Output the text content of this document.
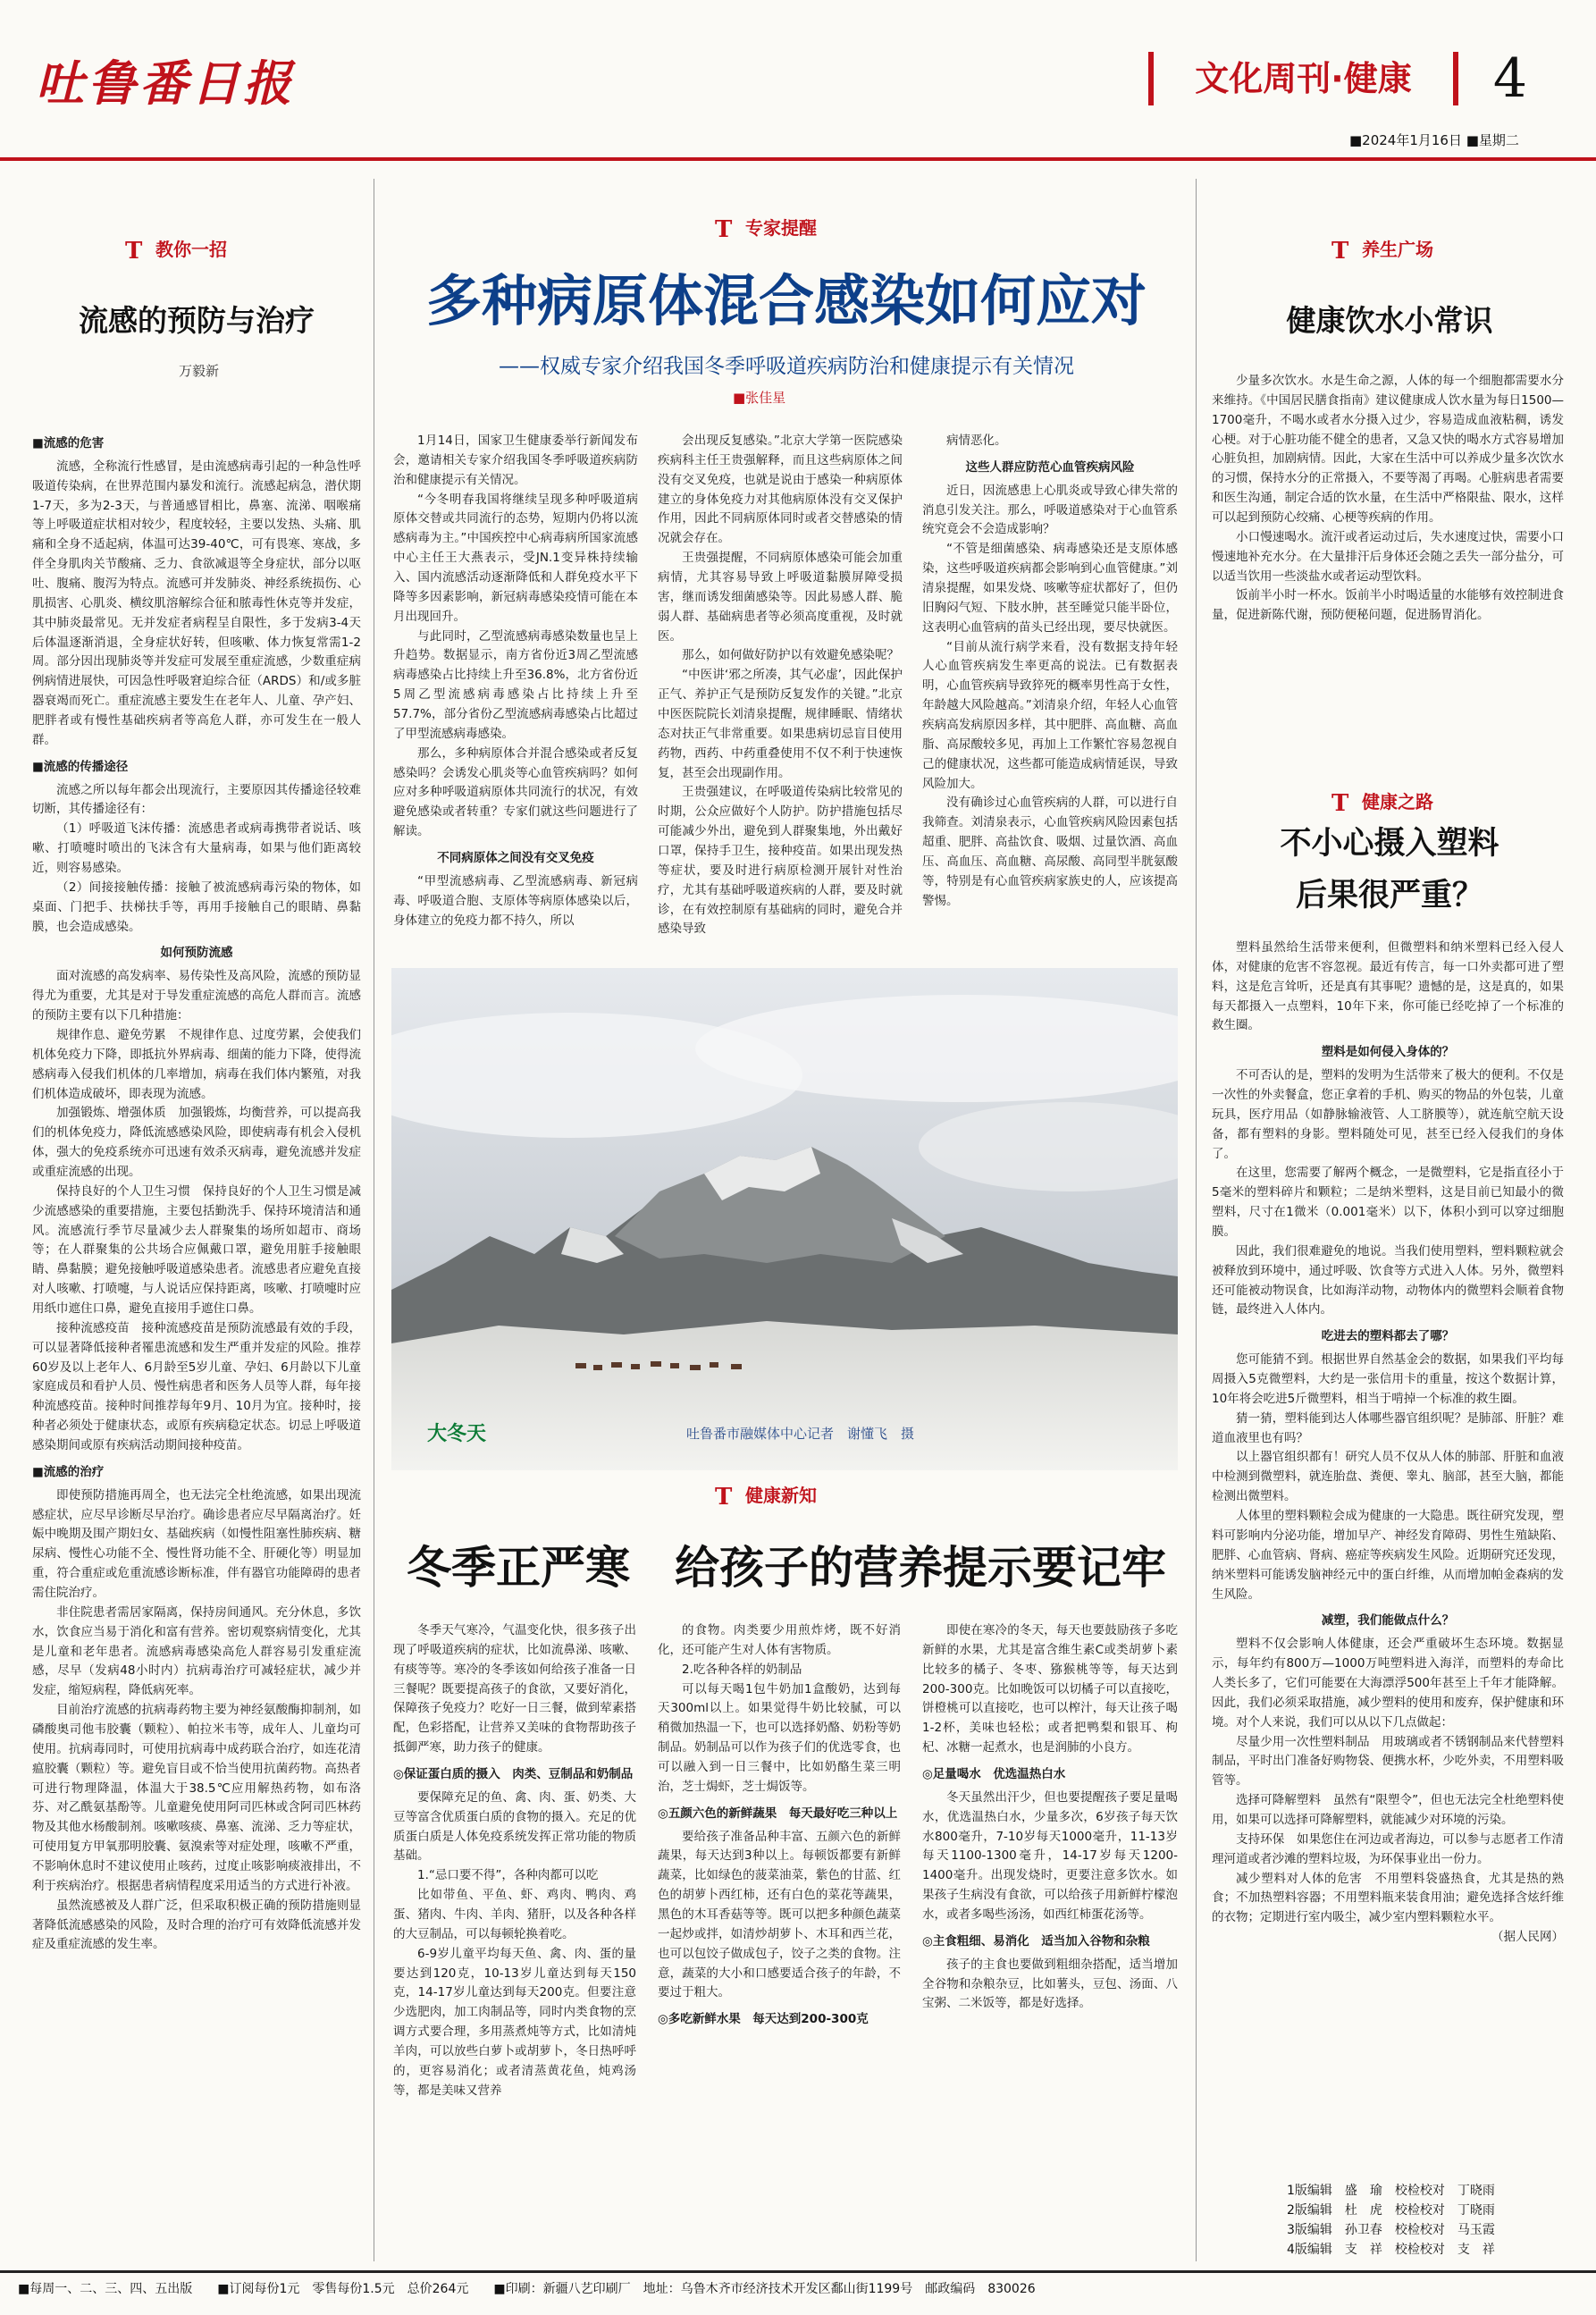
吐鲁番日报	文化周刊·健康	4
■2024年1月16日 ■星期二
T 教你一招
流感的预防与治疗
万毅新

■流感的危害

流感，全称流行性感冒，是由流感病毒引起的一种急性呼吸道传染病，在世界范围内暴发和流行。流感起病急，潜伏期1-7天，多为2-3天，与普通感冒相比，鼻塞、流涕、咽喉痛等上呼吸道症状相对较少，程度较轻，主要以发热、头痛、肌痛和全身不适起病，体温可达39-40℃，可有畏寒、寒战，多伴全身肌肉关节酸痛、乏力、食欲减退等全身症状，部分以呕吐、腹痛、腹泻为特点。流感可并发肺炎、神经系统损伤、心肌损害、心肌炎、横纹肌溶解综合征和脓毒性休克等并发症，其中肺炎最常见。无并发症者病程呈自限性，多于发病3-4天后体温逐渐消退，全身症状好转，但咳嗽、体力恢复常需1-2周。部分因出现肺炎等并发症可发展至重症流感，少数重症病例病情进展快，可因急性呼吸窘迫综合征（ARDS）和/或多脏器衰竭而死亡。重症流感主要发生在老年人、儿童、孕产妇、肥胖者或有慢性基础疾病者等高危人群，亦可发生在一般人群。

■流感的传播途径

流感之所以每年都会出现流行，主要原因其传播途径较难切断，其传播途径有：

（1）呼吸道飞沫传播：流感患者或病毒携带者说话、咳嗽、打喷嚏时喷出的飞沫含有大量病毒，如果与他们距离较近，则容易感染。

（2）间接接触传播：接触了被流感病毒污染的物体，如桌面、门把手、扶梯扶手等，再用手接触自己的眼睛、鼻黏膜，也会造成感染。

如何预防流感

面对流感的高发病率、易传染性及高风险，流感的预防显得尤为重要，尤其是对于导发重症流感的高危人群而言。流感的预防主要有以下几种措施：

规律作息、避免劳累　不规律作息、过度劳累，会使我们机体免疫力下降，即抵抗外界病毒、细菌的能力下降，使得流感病毒入侵我们机体的几率增加，病毒在我们体内繁殖，对我们机体造成破坏，即表现为流感。

加强锻炼、增强体质　加强锻炼，均衡营养，可以提高我们的机体免疫力，降低流感感染风险，即使病毒有机会入侵机体，强大的免疫系统亦可迅速有效杀灭病毒，避免流感并发症或重症流感的出现。

保持良好的个人卫生习惯　保持良好的个人卫生习惯是减少流感感染的重要措施，主要包括勤洗手、保持环境清洁和通风。流感流行季节尽量减少去人群聚集的场所如超市、商场等；在人群聚集的公共场合应佩戴口罩，避免用脏手接触眼睛、鼻黏膜；避免接触呼吸道感染患者。流感患者应避免直接对人咳嗽、打喷嚏，与人说话应保持距离，咳嗽、打喷嚏时应用纸巾遮住口鼻，避免直接用手遮住口鼻。

接种流感疫苗　接种流感疫苗是预防流感最有效的手段，可以显著降低接种者罹患流感和发生严重并发症的风险。推荐60岁及以上老年人、6月龄至5岁儿童、孕妇、6月龄以下儿童家庭成员和看护人员、慢性病患者和医务人员等人群，每年接种流感疫苗。接种时间推荐每年9月、10月为宜。接种时，接种者必须处于健康状态，或原有疾病稳定状态。切忌上呼吸道感染期间或原有疾病活动期间接种疫苗。

■流感的治疗

即使预防措施再周全，也无法完全杜绝流感，如果出现流感症状，应尽早诊断尽早治疗。确诊患者应尽早隔离治疗。妊娠中晚期及围产期妇女、基础疾病（如慢性阻塞性肺疾病、糖尿病、慢性心功能不全、慢性肾功能不全、肝硬化等）明显加重，符合重症或危重流感诊断标准，伴有器官功能障碍的患者需住院治疗。

非住院患者需居家隔离，保持房间通风。充分休息，多饮水，饮食应当易于消化和富有营养。密切观察病情变化，尤其是儿童和老年患者。流感病毒感染高危人群容易引发重症流感，尽早（发病48小时内）抗病毒治疗可减轻症状，减少并发症，缩短病程，降低病死率。

目前治疗流感的抗病毒药物主要为神经氨酸酶抑制剂，如磷酸奥司他韦胶囊（颗粒）、帕拉米韦等，成年人、儿童均可使用。抗病毒同时，可使用抗病毒中成药联合治疗，如连花清瘟胶囊（颗粒）等。避免盲目或不恰当使用抗菌药物。高热者可进行物理降温，体温大于38.5℃应用解热药物，如布洛芬、对乙酰氨基酚等。儿童避免使用阿司匹林或含阿司匹林药物及其他水杨酸制剂。咳嗽咳痰、鼻塞、流涕、乏力等症状，可使用复方甲氧那明胶囊、氨溴索等对症处理，咳嗽不严重，不影响休息时不建议使用止咳药，过度止咳影响痰液排出，不利于疾病治疗。根据患者病情程度采用适当的方式进行补液。

虽然流感被及人群广泛，但采取积极正确的预防措施则显著降低流感感染的风险，及时合理的治疗可有效降低流感并发症及重症流感的发生率。

T 专家提醒
多种病原体混合感染如何应对
——权威专家介绍我国冬季呼吸道疾病防治和健康提示有关情况
■张佳星

1月14日，国家卫生健康委举行新闻发布会，邀请相关专家介绍我国冬季呼吸道疾病防治和健康提示有关情况。

“今冬明春我国将继续呈现多种呼吸道病原体交替或共同流行的态势，短期内仍将以流感病毒为主。”中国疾控中心病毒病所国家流感中心主任王大燕表示，受JN.1变异株持续输入、国内流感活动逐渐降低和人群免疫水平下降等多因素影响，新冠病毒感染疫情可能在本月出现回升。

与此同时，乙型流感病毒感染数量也呈上升趋势。数据显示，南方省份近3周乙型流感病毒感染占比持续上升至36.8%，北方省份近5周乙型流感病毒感染占比持续上升至57.7%，部分省份乙型流感病毒感染占比超过了甲型流感病毒感染。

那么，多种病原体合并混合感染或者反复感染吗？会诱发心肌炎等心血管疾病吗？如何应对多种呼吸道病原体共同流行的状况，有效避免感染或者转重？专家们就这些问题进行了解读。

不同病原体之间没有交叉免疫

“甲型流感病毒、乙型流感病毒、新冠病毒、呼吸道合胞、支原体等病原体感染以后，身体建立的免疫力都不持久，所以

会出现反复感染。”北京大学第一医院感染疾病科主任王贵强解释，而且这些病原体之间没有交叉免疫，也就是说由于感染一种病原体建立的身体免疫力对其他病原体没有交叉保护作用，因此不同病原体同时或者交替感染的情况就会存在。

王贵强提醒，不同病原体感染可能会加重病情，尤其容易导致上呼吸道黏膜屏障受损害，继而诱发细菌感染等。因此易感人群、脆弱人群、基础病患者等必须高度重视，及时就医。

那么，如何做好防护以有效避免感染呢？

“中医讲‘邪之所凑，其气必虚’，因此保护正气、养护正气是预防反复发作的关键。”北京中医医院院长刘清泉提醒，规律睡眠、情绪状态对扶正气非常重要。如果患病切忌盲目使用药物，西药、中药重叠使用不仅不利于快速恢复，甚至会出现副作用。

王贵强建议，在呼吸道传染病比较常见的时期，公众应做好个人防护。防护措施包括尽可能减少外出，避免到人群聚集地，外出戴好口罩，保持手卫生，接种疫苗。如果出现发热等症状，要及时进行病原检测开展针对性治疗，尤其有基础呼吸道疾病的人群，要及时就诊，在有效控制原有基础病的同时，避免合并感染导致

病情恶化。

这些人群应防范心血管疾病风险

近日，因流感患上心肌炎或导致心律失常的消息引发关注。那么，呼吸道感染对于心血管系统究竟会不会造成影响？

“不管是细菌感染、病毒感染还是支原体感染，这些呼吸道疾病都会影响到心血管健康。”刘清泉提醒，如果发烧、咳嗽等症状都好了，但仍旧胸闷气短、下肢水肿，甚至睡觉只能半卧位，这表明心血管病的苗头已经出现，要尽快就医。

“目前从流行病学来看，没有数据支持年轻人心血管疾病发生率更高的说法。已有数据表明，心血管疾病导致猝死的概率男性高于女性，年龄越大风险越高。”刘清泉介绍，年轻人心血管疾病高发病原因多样，其中肥胖、高血糖、高血脂、高尿酸较多见，再加上工作繁忙容易忽视自己的健康状况，这些都可能造成病情延误，导致风险加大。

没有确诊过心血管疾病的人群，可以进行自我筛查。刘清泉表示，心血管疾病风险因素包括超重、肥胖、高盐饮食、吸烟、过量饮酒、高血压、高血压、高血糖、高尿酸、高同型半胱氨酸等，特别是有心血管疾病家族史的人，应该提高警惕。

大冬天	吐鲁番市融媒体中心记者　谢懂飞　摄
T 健康新知
冬季正严寒　给孩子的营养提示要记牢

冬季天气寒冷，气温变化快，很多孩子出现了呼吸道疾病的症状，比如流鼻涕、咳嗽、有痰等等。寒冷的冬季该如何给孩子准备一日三餐呢？既要提高孩子的食欲，又要好消化，保障孩子免疫力？吃好一日三餐，做到荤素搭配，色彩搭配，让营养又美味的食物帮助孩子抵御严寒，助力孩子的健康。

◎保证蛋白质的摄入　肉类、豆制品和奶制品

要保障充足的鱼、禽、肉、蛋、奶类、大豆等富含优质蛋白质的食物的摄入。充足的优质蛋白质是人体免疫系统发挥正常功能的物质基础。

1.“忌口要不得”，各种肉都可以吃

比如带鱼、平鱼、虾、鸡肉、鸭肉、鸡蛋、猪肉、牛肉、羊肉、猪肝，以及各种各样的大豆制品，可以每顿轮换着吃。

6-9岁儿童平均每天鱼、禽、肉、蛋的量要达到120克，10-13岁儿童达到每天150克，14-17岁儿童达到每天200克。但要注意少选肥肉，加工肉制品等，同时内类食物的烹调方式要合理，多用蒸煮炖等方式，比如清炖羊肉，可以放些白萝卜或胡萝卜，冬日热呼呼的，更容易消化；或者清蒸黄花鱼，炖鸡汤等，都是美味又营养

的食物。肉类要少用煎炸烤，既不好消化，还可能产生对人体有害物质。

2.吃各种各样的奶制品

可以每天喝1包牛奶加1盒酸奶，达到每天300ml以上。如果觉得牛奶比较腻，可以稍微加热温一下，也可以选择奶酪、奶粉等奶制品。奶制品可以作为孩子们的优选零食，也可以融入到一日三餐中，比如奶酪生菜三明治，芝士焗虾，芝士焗饭等。

◎五颜六色的新鲜蔬果　每天最好吃三种以上

要给孩子准备品种丰富、五颜六色的新鲜蔬果，每天达到3种以上。每顿饭都要有新鲜蔬菜，比如绿色的菠菜油菜，紫色的甘蓝、红色的胡萝卜西红柿，还有白色的菜花等蔬果，黑色的木耳香菇等等。既可以把多种颜色蔬菜一起炒或拌，如清炒胡萝卜、木耳和西兰花，也可以包饺子做成包子，饺子之类的食物。注意，蔬菜的大小和口感要适合孩子的年龄，不要过于粗大。

◎多吃新鲜水果　每天达到200-300克

即使在寒冷的冬天，每天也要鼓励孩子多吃新鲜的水果，尤其是富含维生素C或类胡萝卜素比较多的橘子、冬枣、猕猴桃等等，每天达到200-300克。比如晚饭可以切橘子可以直接吃，饼橙桃可以直接吃，也可以榨汁，每天让孩子喝1-2杯，美味也轻松；或者把鸭梨和银耳、枸杞、冰糖一起煮水，也是润肺的小良方。

◎足量喝水　优选温热白水

冬天虽然出汗少，但也要提醒孩子要足量喝水，优选温热白水，少量多次，6岁孩子每天饮水800毫升，7-10岁每天1000毫升，11-13岁每天1100-1300毫升，14-17岁每天1200-1400毫升。出现发烧时，更要注意多饮水。如果孩子生病没有食欲，可以给孩子用新鲜柠檬泡水，或者多喝些汤汤，如西红柿蛋花汤等。

◎主食粗细、易消化　适当加入谷物和杂粮

孩子的主食也要做到粗细杂搭配，适当增加全谷物和杂粮杂豆，比如薯头，豆包、汤面、八宝粥、二米饭等，都是好选择。

T 养生广场
健康饮水小常识

少量多次饮水。水是生命之源，人体的每一个细胞都需要水分来维持。《中国居民膳食指南》建议健康成人饮水量为每日1500—1700毫升，不喝水或者水分摄入过少，容易造成血液粘稠，诱发心梗。对于心脏功能不健全的患者，又急又快的喝水方式容易增加心脏负担，加剧病情。因此，大家在生活中可以养成少量多次饮水的习惯，保持水分的正常摄入，不要等渴了再喝。心脏病患者需要和医生沟通，制定合适的饮水量，在生活中严格限盐、限水，这样可以起到预防心绞痛、心梗等疾病的作用。

小口慢速喝水。流汗或者运动过后，失水速度过快，需要小口慢速地补充水分。在大量排汗后身体还会随之丢失一部分盐分，可以适当饮用一些淡盐水或者运动型饮料。

饭前半小时一杯水。饭前半小时喝适量的水能够有效控制进食量，促进新陈代谢，预防便秘问题，促进肠胃消化。

T 健康之路
不小心摄入塑料
后果很严重？

塑料虽然给生活带来便利，但微塑料和纳米塑料已经入侵人体，对健康的危害不容忽视。最近有传言，每一口外卖都可进了塑料，这是危言耸听，还是真有其事呢？遗憾的是，这是真的，如果每天都摄入一点塑料，10年下来，你可能已经吃掉了一个标准的救生圈。

塑料是如何侵入身体的？

不可否认的是，塑料的发明为生活带来了极大的便利。不仅是一次性的外卖餐盒，您正拿着的手机、购买的物品的外包装，儿童玩具，医疗用品（如静脉输液管、人工脐膜等），就连航空航天设备，都有塑料的身影。塑料随处可见，甚至已经入侵我们的身体了。

在这里，您需要了解两个概念，一是微塑料，它是指直径小于5毫米的塑料碎片和颗粒；二是纳米塑料，这是目前已知最小的微塑料，尺寸在1微米（0.001毫米）以下，体积小到可以穿过细胞膜。

因此，我们很难避免的地说。当我们使用塑料，塑料颗粒就会被释放到环境中，通过呼吸、饮食等方式进入人体。另外，微塑料还可能被动物误食，比如海洋动物，动物体内的微塑料会顺着食物链，最终进入人体内。

吃进去的塑料都去了哪？

您可能猜不到。根据世界自然基金会的数据，如果我们平均每周摄入5克微塑料，大约是一张信用卡的重量，按这个数据计算，10年将会吃进5斤微塑料，相当于啃掉一个标准的救生圈。

猜一猜，塑料能到达人体哪些器官组织呢？是肺部、肝脏？难道血液里也有吗？

以上器官组织都有！研究人员不仅从人体的肺部、肝脏和血液中检测到微塑料，就连胎盘、粪便、睾丸、脑部，甚至大脑，都能检测出微塑料。

人体里的塑料颗粒会成为健康的一大隐患。既往研究发现，塑料可影响内分泌功能，增加早产、神经发育障碍、男性生殖缺陷、肥胖、心血管病、肾病、癌症等疾病发生风险。近期研究还发现，纳米塑料可能诱发脑神经元中的蛋白纤维，从而增加帕金森病的发生风险。

减塑，我们能做点什么？

塑料不仅会影响人体健康，还会严重破坏生态环境。数据显示，每年约有800万—1000万吨塑料进入海洋，而塑料的寿命比人类长多了，它们可能要在大海漂浮500年甚至上千年才能降解。因此，我们必须采取措施，减少塑料的使用和废弃，保护健康和环境。对个人来说，我们可以从以下几点做起：

尽量少用一次性塑料制品　用玻璃或者不锈钢制品来代替塑料制品，平时出门准备好购物袋、便携水杯，少吃外卖，不用塑料吸管等。

选择可降解塑料　虽然有“限塑令”，但也无法完全杜绝塑料使用，如果可以选择可降解塑料，就能减少对环境的污染。

支持环保　如果您住在河边或者海边，可以参与志愿者工作清理河道或者沙滩的塑料垃圾，为环保事业出一份力。

减少塑料对人体的危害　不用塑料袋盛热食，尤其是热的熟食；不加热塑料容器；不用塑料瓶来装食用油；避免选择含炫纤维的衣物；定期进行室内吸尘，减少室内塑料颗粒水平。

（据人民网）

1版编辑　盛　瑜　校检校对　丁晓雨
2版编辑　杜　虎　校检校对　丁晓雨
3版编辑　孙卫春　校检校对　马玉霞
4版编辑　支　祥　校检校对　支　祥
■每周一、二、三、四、五出版　　■订阅每份1元　零售每份1.5元　总价264元　　■印刷：新疆八艺印刷厂　地址：乌鲁木齐市经济技术开发区鄱山街1199号　邮政编码　830026
